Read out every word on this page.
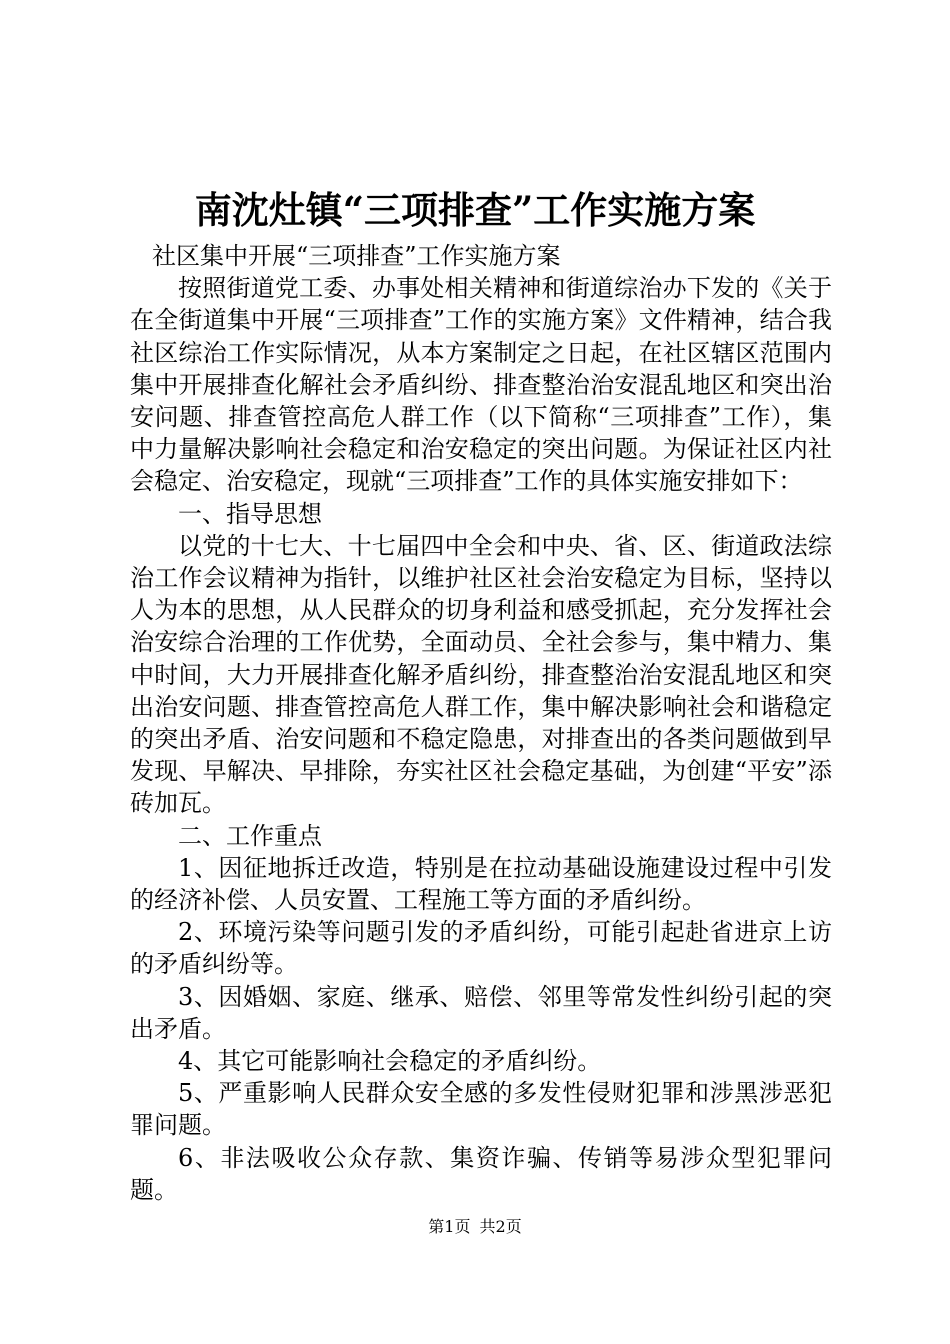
南沈灶镇“三项排查”工作实施方案

社区集中开展“三项排查”工作实施方案

按照街道党工委、办事处相关精神和街道综治办下发的《关于在全街道集中开展“三项排查”工作的实施方案》文件精神，结合我社区综治工作实际情况，从本方案制定之日起，在社区辖区范围内集中开展排查化解社会矛盾纠纷、排查整治治安混乱地区和突出治安问题、排查管控高危人群工作（以下简称“三项排查”工作），集中力量解决影响社会稳定和治安稳定的突出问题。为保证社区内社会稳定、治安稳定，现就“三项排查”工作的具体实施安排如下：

一、指导思想

以党的十七大、十七届四中全会和中央、省、区、街道政法综治工作会议精神为指针，以维护社区社会治安稳定为目标，坚持以人为本的思想，从人民群众的切身利益和感受抓起，充分发挥社会治安综合治理的工作优势，全面动员、全社会参与，集中精力、集中时间，大力开展排查化解矛盾纠纷，排查整治治安混乱地区和突出治安问题、排查管控高危人群工作，集中解决影响社会和谐稳定的突出矛盾、治安问题和不稳定隐患，对排查出的各类问题做到早发现、早解决、早排除，夯实社区社会稳定基础，为创建“平安”添砖加瓦。

二、工作重点

1、因征地拆迁改造，特别是在拉动基础设施建设过程中引发的经济补偿、人员安置、工程施工等方面的矛盾纠纷。

2、环境污染等问题引发的矛盾纠纷，可能引起赴省进京上访的矛盾纠纷等。

3、因婚姻、家庭、继承、赔偿、邻里等常发性纠纷引起的突出矛盾。

4、其它可能影响社会稳定的矛盾纠纷。

5、严重影响人民群众安全感的多发性侵财犯罪和涉黑涉恶犯罪问题。

6、非法吸收公众存款、集资诈骗、传销等易涉众型犯罪问题。

第1页 共2页
